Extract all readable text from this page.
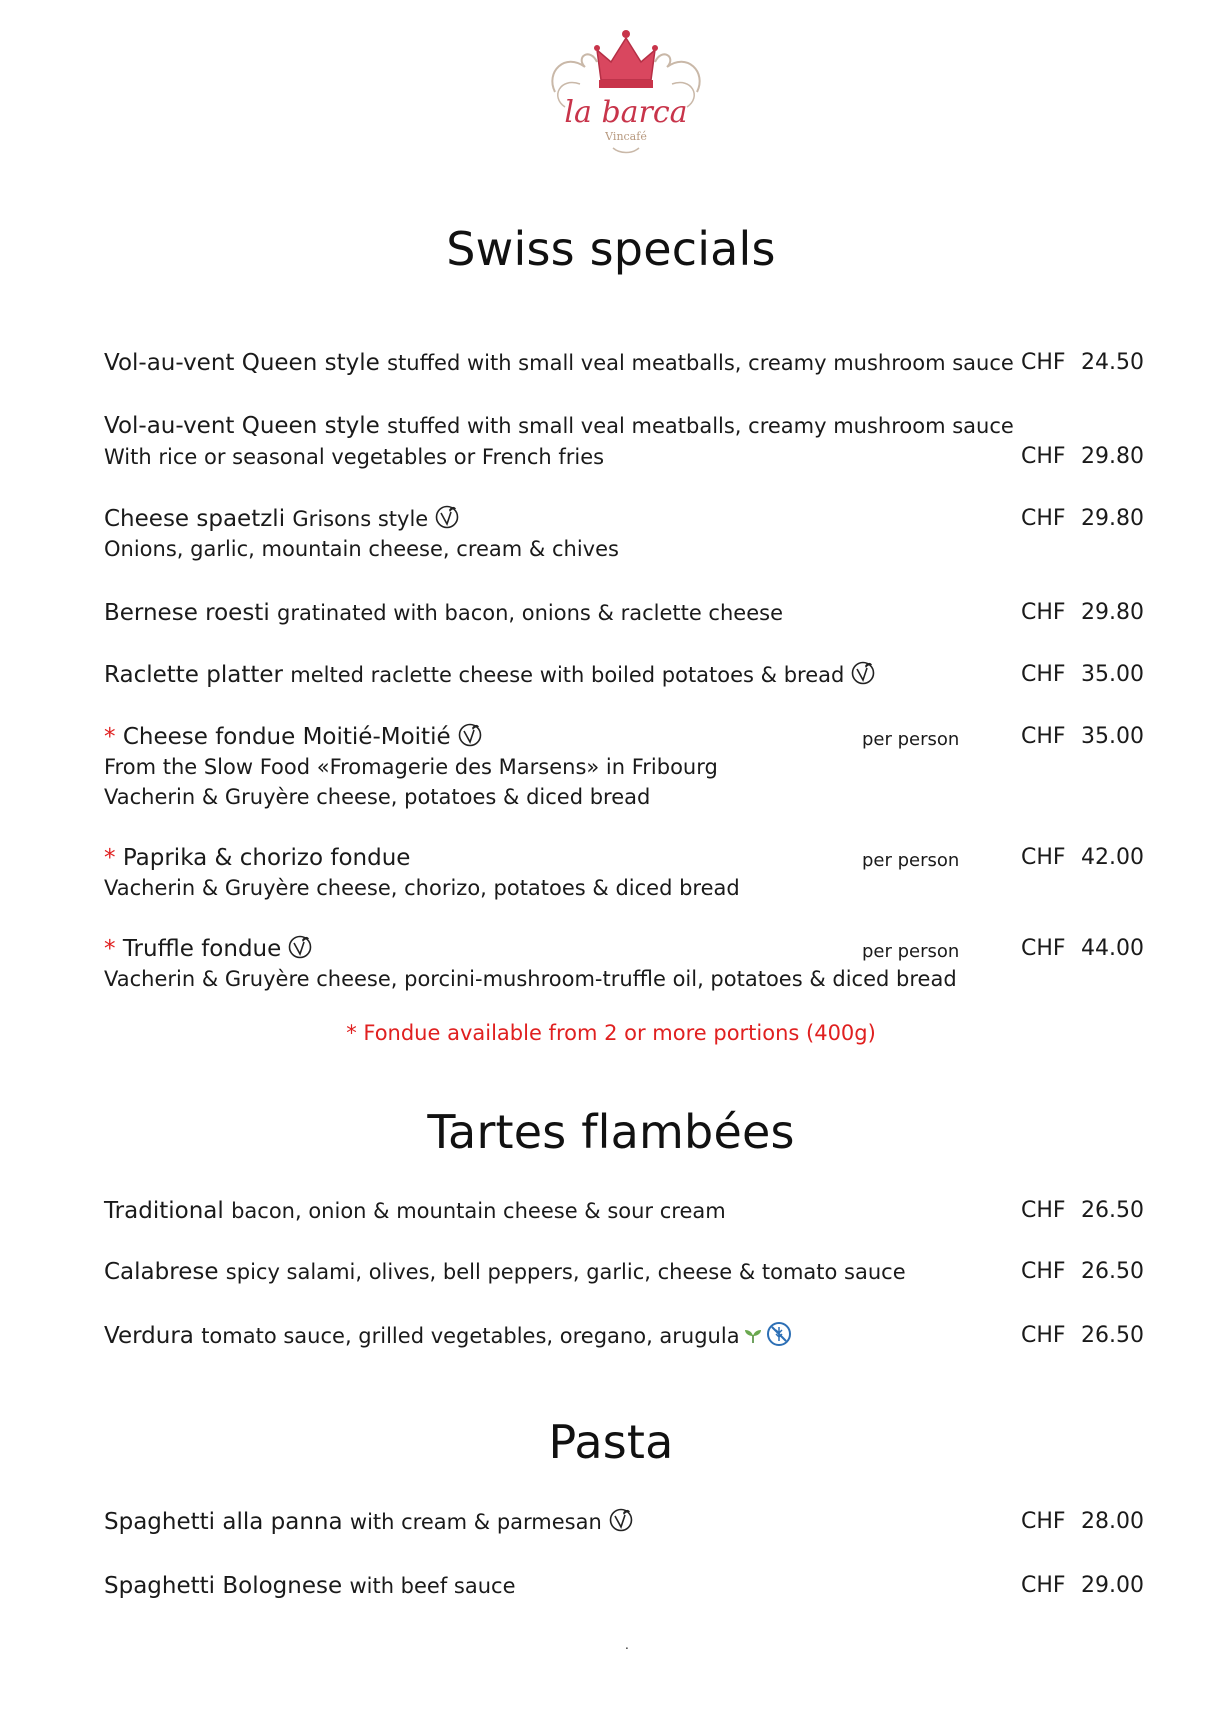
la barca
Vincafé
Swiss specials
Vol-au-vent Queen style stuffed with small veal meatballs, creamy mushroom sauce CHF 24.50
Vol-au-vent Queen style stuffed with small veal meatballs, creamy mushroom sauce
With rice or seasonal vegetables or French fries	CHF 29.80
Cheese spaetzli Grisons style	CHF 29.80
Onions, garlic, mountain cheese, cream & chives
Bernese roesti gratinated with bacon, onions & raclette cheese	CHF 29.80
Raclette platter melted raclette cheese with boiled potatoes & bread	CHF 35.00
* Cheese fondue Moitié-Moitié	per person	CHF 35.00
From the Slow Food «Fromagerie des Marsens» in Fribourg
Vacherin & Gruyère cheese, potatoes & diced bread
* Paprika & chorizo fondue	per person	CHF 42.00
Vacherin & Gruyère cheese, chorizo, potatoes & diced bread
* Truffle fondue	per person	CHF 44.00
Vacherin & Gruyère cheese, porcini-mushroom-truffle oil, potatoes & diced bread
* Fondue available from 2 or more portions (400g)
Tartes flambées
Traditional bacon, onion & mountain cheese & sour cream	CHF 26.50
Calabrese spicy salami, olives, bell peppers, garlic, cheese & tomato sauce	CHF 26.50
Verdura tomato sauce, grilled vegetables, oregano, arugula	CHF 26.50
Pasta
Spaghetti alla panna with cream & parmesan	CHF 28.00
Spaghetti Bolognese with beef sauce	CHF 29.00
.
